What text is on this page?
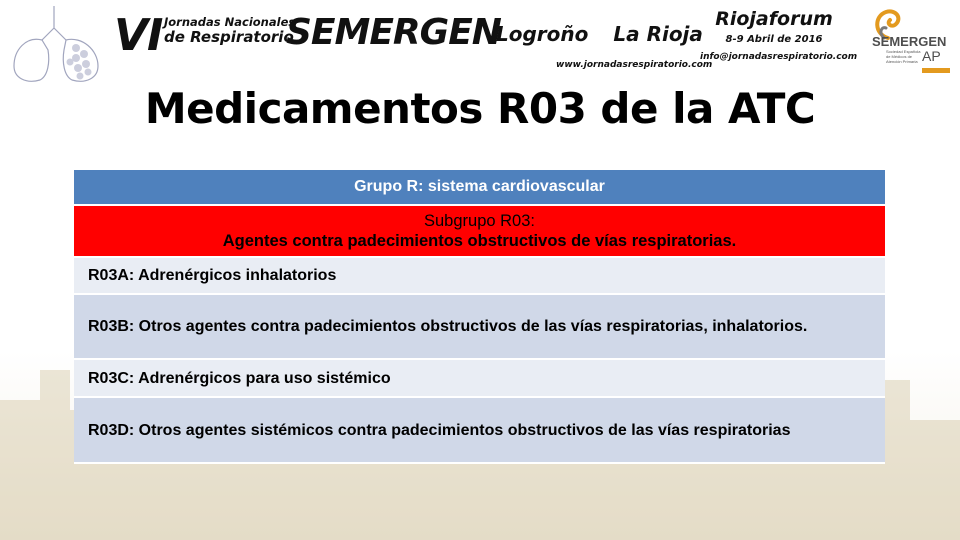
VI Jornadas Nacionales
de Respiratorio
SEMERGEN
Logroño La Rioja
www.jornadasrespiratorio.com
Riojaforum
8-9 Abril de 2016
info@jornadasrespiratorio.com
SEMERGEN
Sociedad Española de Médicos de Atención Primaria AP
Medicamentos R03 de la ATC
Grupo R: sistema cardiovascular
Subgrupo R03:
Agentes contra padecimientos obstructivos de vías respiratorias.
R03A: Adrenérgicos inhalatorios
R03B: Otros agentes contra padecimientos obstructivos de las vías respiratorias, inhalatorios.
R03C: Adrenérgicos para uso sistémico
R03D: Otros agentes sistémicos contra padecimientos obstructivos de las vías respiratorias
